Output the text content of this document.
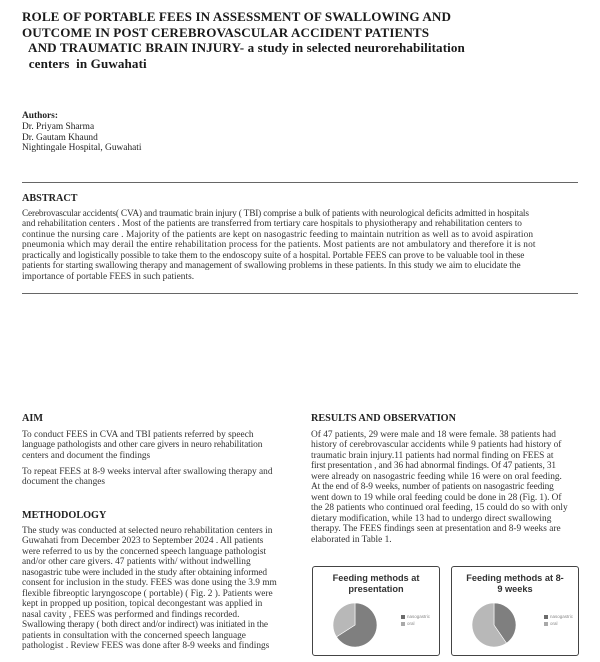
ROLE OF PORTABLE FEES IN ASSESSMENT OF SWALLOWING AND
OUTCOME IN POST CEREBROVASCULAR ACCIDENT PATIENTS
AND TRAUMATIC BRAIN INJURY- a study in selected neurorehabilitation
centers  in Guwahati
Authors:
Dr. Priyam Sharma
Dr. Gautam Khaund
Nightingale Hospital, Guwahati
ABSTRACT
Cerebrovascular accidents( CVA) and traumatic brain injury ( TBI) comprise a bulk of patients with neurological deficits admitted in hospitals
and rehabilitation centers . Most of the patients are transferred from tertiary care hospitals to physiotherapy and rehabilitation centers to
continue the nursing care . Majority of the patients are kept on nasogastric feeding to maintain nutrition as well as to avoid aspiration
pneumonia which may derail the entire rehabilitation process for the patients. Most patients are not ambulatory and therefore it is not
practically and logistically possible to take them to the endoscopy suite of a hospital. Portable FEES can prove to be valuable tool in these
patients for starting swallowing therapy and management of swallowing problems in these patients. In this study we aim to elucidate the
importance of portable FEES in such patients.
AIM
To conduct FEES in CVA and TBI patients referred by speech
language pathologists and other care givers in neuro rehabilitation
centers and document the findings
To repeat FEES at 8-9 weeks interval after swallowing therapy and
document the changes
METHODOLOGY
The study was conducted at selected neuro rehabilitation centers in
Guwahati from December 2023 to September 2024 . All patients
were referred to us by the concerned speech language pathologist
and/or other care givers. 47 patients with/ without indwelling
nasogastric tube were included in the study after obtaining informed
consent for inclusion in the study. FEES was done using the 3.9 mm
flexible fibreoptic laryngoscope ( portable) ( Fig. 2 ). Patients were
kept in propped up position, topical decongestant was applied in
nasal cavity , FEES was performed and findings recorded.
Swallowing therapy ( both direct and/or indirect) was initiated in the
patients in consultation with the concerned speech language
pathologist . Review FEES was done after 8-9 weeks and findings
RESULTS AND OBSERVATION
Of 47 patients, 29 were male and 18 were female. 38 patients had
history of cerebrovascular accidents while 9 patients had history of
traumatic brain injury.11 patients had normal finding on FEES at
first presentation , and 36 had abnormal findings. Of 47 patients, 31
were already on nasogastric feeding while 16 were on oral feeding.
At the end of 8-9 weeks, number of patients on nasogastric feeding
went down to 19 while oral feeding could be done in 28 (Fig. 1). Of
the 28 patients who continued oral feeding, 15 could do so with only
dietary modification, while 13 had to undergo direct swallowing
therapy. The FEES findings seen at presentation and 8-9 weeks are
elaborated in Table 1.
Feeding methods at
presentation
nasogastric
oral
Feeding methods at 8-
9 weeks
nasogastric
oral
